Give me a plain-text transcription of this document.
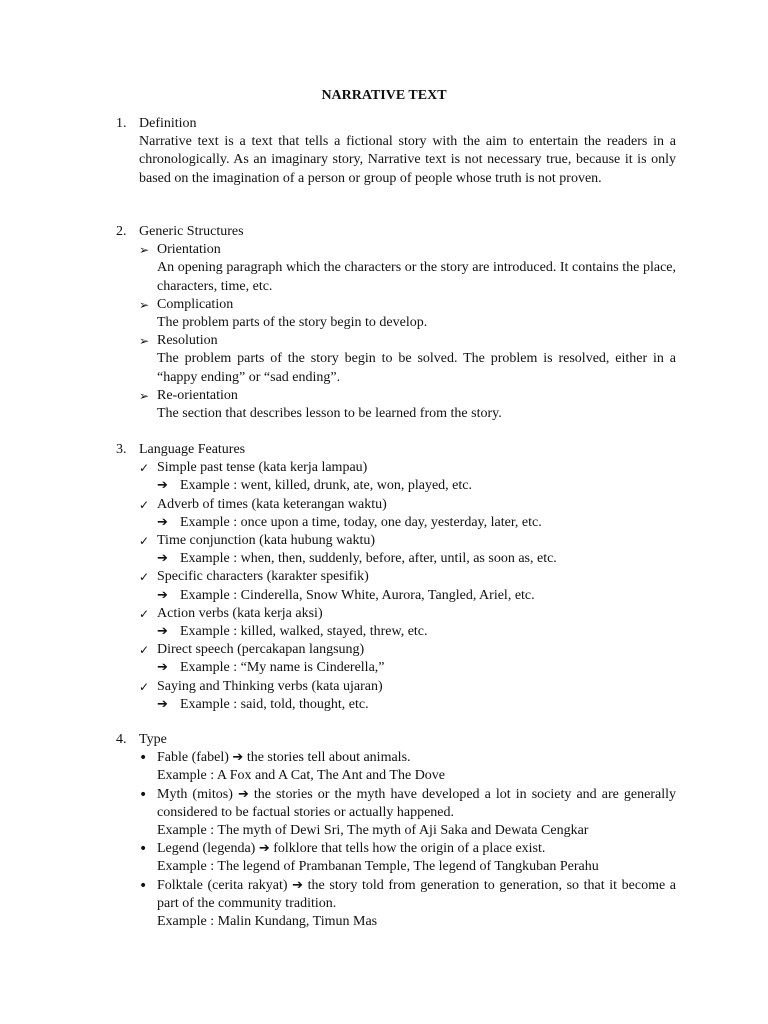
NARRATIVE TEXT
1. Definition
Narrative text is a text that tells a fictional story with the aim to entertain the readers in a chronologically. As an imaginary story, Narrative text is not necessary true, because it is only based on the imagination of a person or group of people whose truth is not proven.
2. Generic Structures
➢ Orientation
An opening paragraph which the characters or the story are introduced. It contains the place, characters, time, etc.
➢ Complication
The problem parts of the story begin to develop.
➢ Resolution
The problem parts of the story begin to be solved. The problem is resolved, either in a “happy ending” or “sad ending”.
➢ Re-orientation
The section that describes lesson to be learned from the story.
3. Language Features
✓ Simple past tense (kata kerja lampau)
➔ Example : went, killed, drunk, ate, won, played, etc.
✓ Adverb of times (kata keterangan waktu)
➔ Example : once upon a time, today, one day, yesterday, later, etc.
✓ Time conjunction (kata hubung waktu)
➔ Example : when, then, suddenly, before, after, until, as soon as, etc.
✓ Specific characters (karakter spesifik)
➔ Example : Cinderella, Snow White, Aurora, Tangled, Ariel, etc.
✓ Action verbs (kata kerja aksi)
➔ Example : killed, walked, stayed, threw, etc.
✓ Direct speech (percakapan langsung)
➔ Example : “My name is Cinderella,”
✓ Saying and Thinking verbs (kata ujaran)
➔ Example : said, told, thought, etc.
4. Type
• Fable (fabel) ➔ the stories tell about animals.
Example : A Fox and A Cat, The Ant and The Dove
• Myth (mitos) ➔ the stories or the myth have developed a lot in society and are generally considered to be factual stories or actually happened.
Example : The myth of Dewi Sri, The myth of Aji Saka and Dewata Cengkar
• Legend (legenda) ➔ folklore that tells how the origin of a place exist.
Example : The legend of Prambanan Temple, The legend of Tangkuban Perahu
• Folktale (cerita rakyat) ➔ the story told from generation to generation, so that it become a part of the community tradition.
Example : Malin Kundang, Timun Mas
